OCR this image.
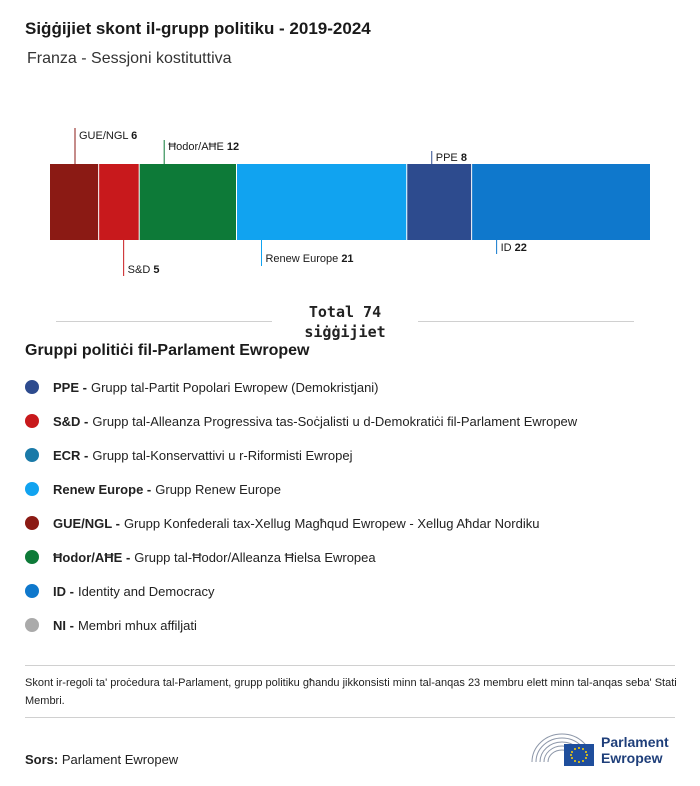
Siġġijiet skont il-grupp politiku - 2019-2024
Franza - Sessjoni kostituttiva
GUE/NGL 6
S&D 5
Ħodor/AĦE 12
Renew Europe 21
PPE 8
ID 22
Total 74
siġġijiet
Gruppi politiċi fil-Parlament Ewropew
PPE - Grupp tal-Partit Popolari Ewropew (Demokristjani)
S&D - Grupp tal-Alleanza Progressiva tas-Soċjalisti u d-Demokratiċi fil-Parlament Ewropew
ECR - Grupp tal-Konservattivi u r-Riformisti Ewropej
Renew Europe - Grupp Renew Europe
GUE/NGL - Grupp Konfederali tax-Xellug Magħqud Ewropew - Xellug Aħdar Nordiku
Ħodor/AĦE - Grupp tal-Ħodor/Alleanza Ħielsa Ewropea
ID - Identity and Democracy
NI - Membri mhux affiljati
Skont ir-regoli ta' proċedura tal-Parlament, grupp politiku għandu jikkonsisti minn tal-anqas 23 membru elett minn tal-anqas seba' Stati Membri.
Sors: Parlament Ewropew
Parlament
Ewropew
